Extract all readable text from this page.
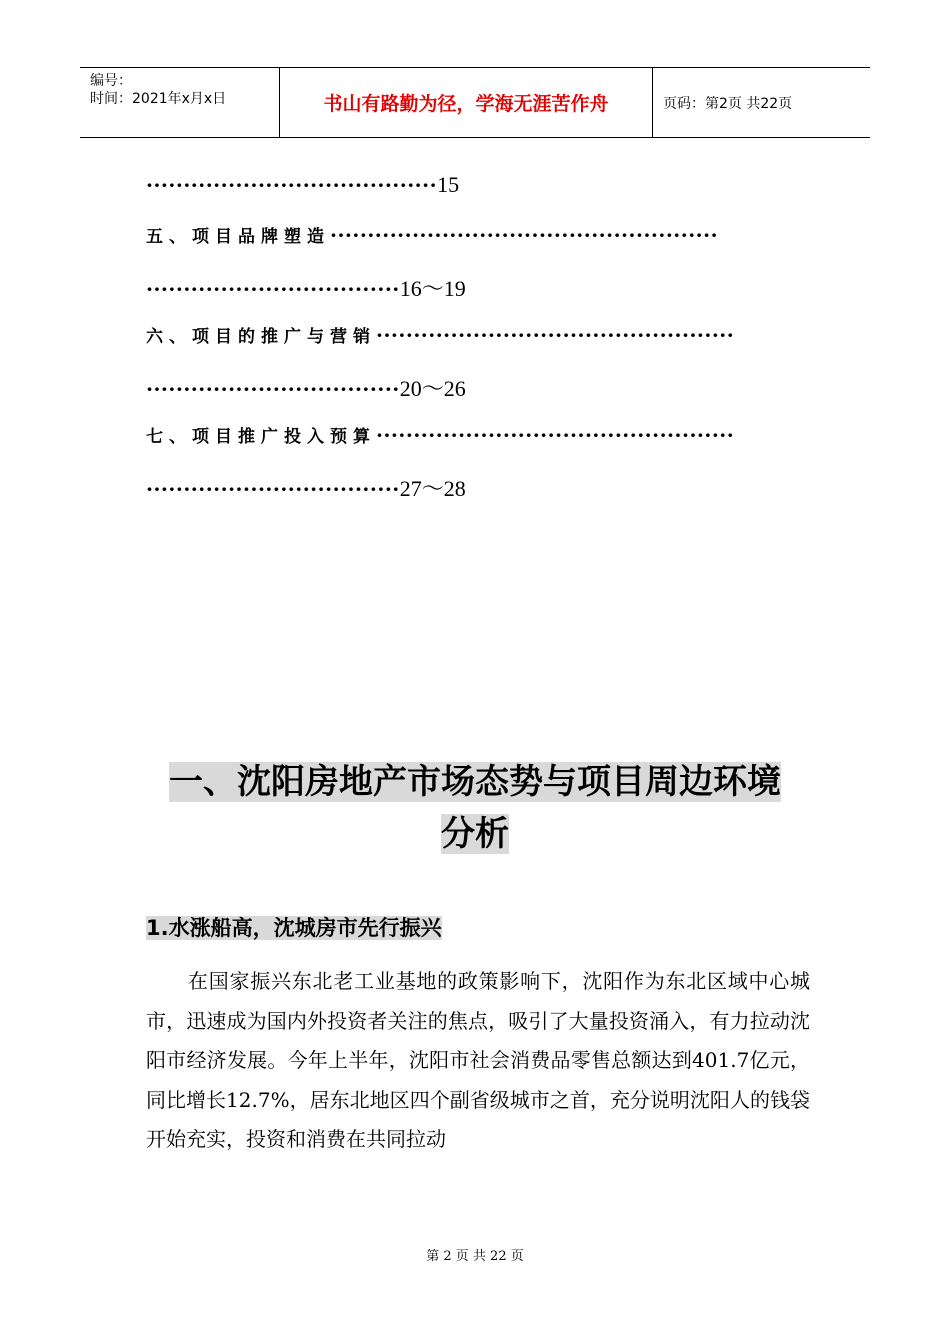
编号：
时间：2021年x月x日	书山有路勤为径，学海无涯苦作舟	页码：第2页 共22页
·······································15
五、项目品牌塑造····················································
··································16～19
六、项目的推广与营销················································
··································20～26
七、项目推广投入预算················································
··································27～28
一、沈阳房地产市场态势与项目周边环境
分析
1.水涨船高，沈城房市先行振兴
在国家振兴东北老工业基地的政策影响下，沈阳作为东北区域中心城市，迅速成为国内外投资者关注的焦点，吸引了大量投资涌入，有力拉动沈阳市经济发展。今年上半年，沈阳市社会消费品零售总额达到401.7亿元，同比增长12.7%，居东北地区四个副省级城市之首，充分说明沈阳人的钱袋开始充实，投资和消费在共同拉动
第 2 页 共 22 页
